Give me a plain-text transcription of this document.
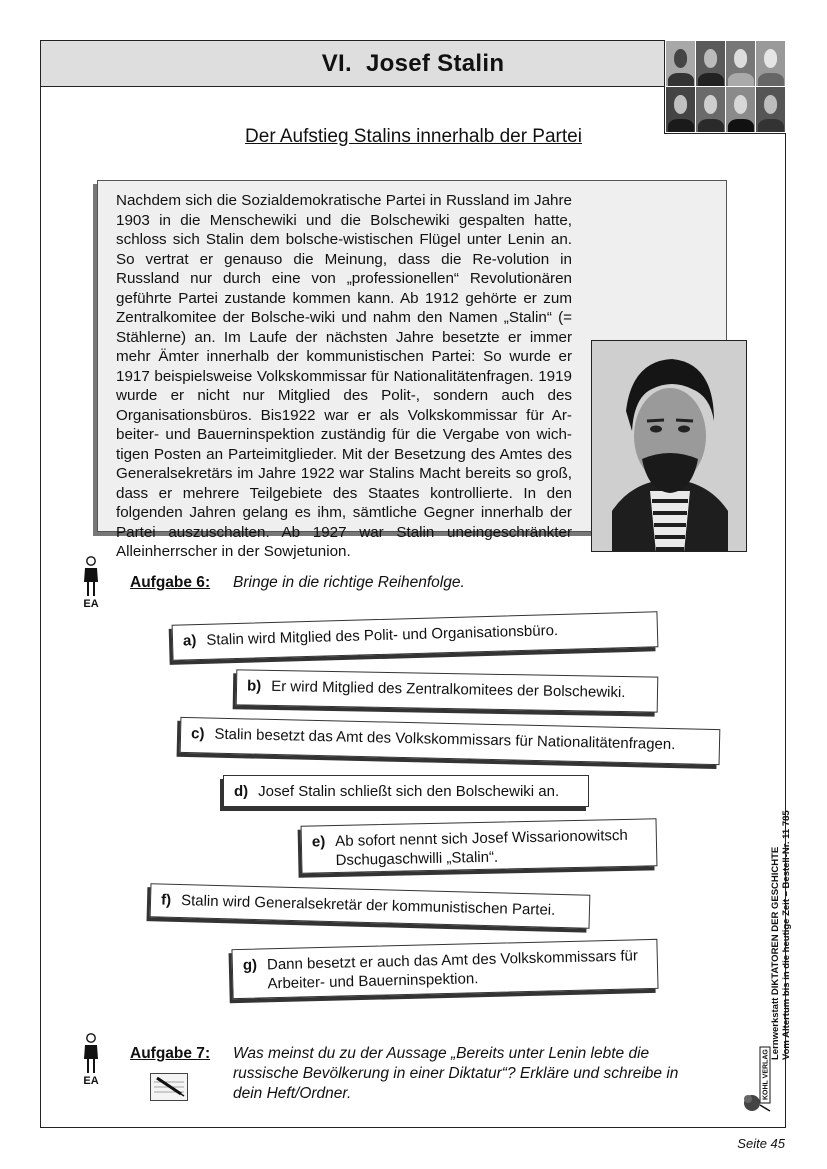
VI. Josef Stalin
Der Aufstieg Stalins innerhalb der Partei

Nachdem sich die Sozialdemokratische Partei in Russland im Jahre 1903 in die Menschewiki und die Bolschewiki gespalten hatte, schloss sich Stalin dem bolsche-wistischen Flügel unter Lenin an. So vertrat er genauso die Meinung, dass die Re-volution in Russland nur durch eine von „professionellen“ Revolutionären geführte Partei zustande kommen kann. Ab 1912 gehörte er zum Zentralkomitee der Bolsche-wiki und nahm den Namen „Stalin“ (= Stählerne) an. Im Laufe der nächsten Jahre besetzte er immer mehr Ämter innerhalb der kommunistischen Partei: So wurde er 1917 beispielsweise Volkskommissar für Nationalitätenfragen. 1919 wurde er nicht nur Mitglied des Polit-, sondern auch des Organisationsbüros. Bis1922 war er als Volkskommissar für Ar-beiter- und Bauerninspektion zuständig für die Vergabe von wich-tigen Posten an Parteimitglieder. Mit der Besetzung des Amtes des Generalsekretärs im Jahre 1922 war Stalins Macht bereits so groß, dass er mehrere Teilgebiete des Staates kontrollierte. In den folgenden Jahren gelang es ihm, sämtliche Gegner innerhalb der Partei auszuschalten. Ab 1927 war Stalin uneingeschränkter Alleinherrscher in der Sowjetunion.

EA
Aufgabe 6: Bringe in die richtige Reihenfolge.
a) Stalin wird Mitglied des Polit- und Organisationsbüro.
b) Er wird Mitglied des Zentralkomitees der Bolschewiki.
c) Stalin besetzt das Amt des Volkskommissars für Nationalitätenfragen.
d) Josef Stalin schließt sich den Bolschewiki an.
e) Ab sofort nennt sich Josef Wissarionowitsch Dschugaschwilli „Stalin“.
f) Stalin wird Generalsekretär der kommunistischen Partei.
g) Dann besetzt er auch das Amt des Volkskommissars für Arbeiter- und Bauerninspektion.
EA
Aufgabe 7: Was meinst du zu der Aussage „Bereits unter Lenin lebte die russische Bevölkerung in einer Diktatur“? Erkläre und schreibe in dein Heft/Ordner.
Lernwerkstatt DIKTATOREN DER GESCHICHTE Vom Altertum bis in die heutige Zeit – Bestell-Nr. 11 785
KOHL VERLAG
Seite 45
